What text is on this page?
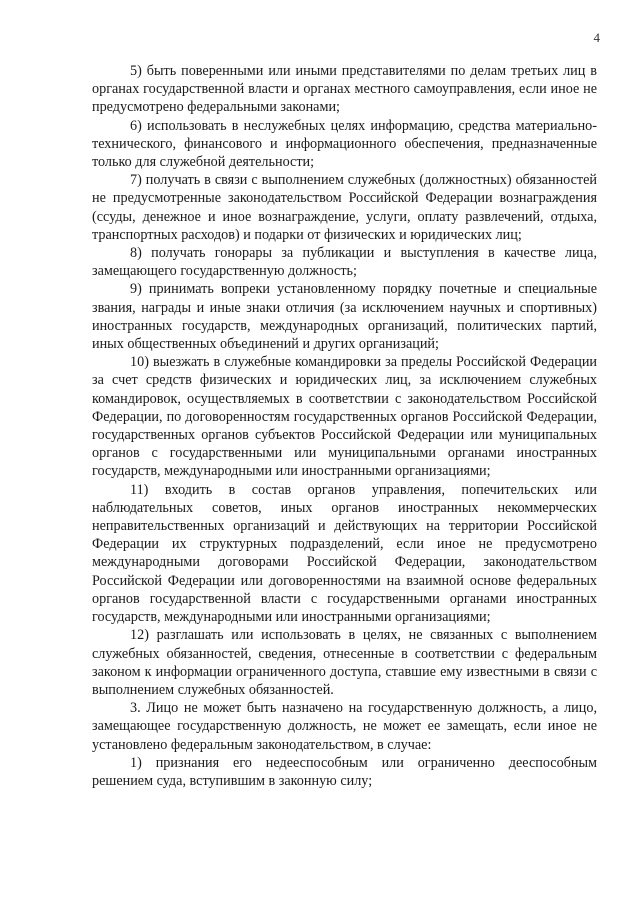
4

5) быть поверенными или иными представителями по делам третьих лиц в органах государственной власти и органах местного самоуправления, если иное не предусмотрено федеральными законами;

6) использовать в неслужебных целях информацию, средства материально-технического, финансового и информационного обеспечения, предназначенные только для служебной деятельности;

7) получать в связи с выполнением служебных (должностных) обязанностей не предусмотренные законодательством Российской Федерации вознаграждения (ссуды, денежное и иное вознаграждение, услуги, оплату развлечений, отдыха, транспортных расходов) и подарки от физических и юридических лиц;

8) получать гонорары за публикации и выступления в качестве лица, замещающего государственную должность;

9) принимать вопреки установленному порядку почетные и специальные звания, награды и иные знаки отличия (за исключением научных и спортивных) иностранных государств, международных организаций, политических партий, иных общественных объединений и других организаций;

10) выезжать в служебные командировки за пределы Российской Федерации за счет средств физических и юридических лиц, за исключением служебных командировок, осуществляемых в соответствии с законодательством Российской Федерации, по договоренностям государственных органов Российской Федерации, государственных органов субъектов Российской Федерации или муниципальных органов с государственными или муниципальными органами иностранных государств, международными или иностранными организациями;

11) входить в состав органов управления, попечительских или наблюдательных советов, иных органов иностранных некоммерческих неправительственных организаций и действующих на территории Российской Федерации их структурных подразделений, если иное не предусмотрено международными договорами Российской Федерации, законодательством Российской Федерации или договоренностями на взаимной основе федеральных органов государственной власти с государственными органами иностранных государств, международными или иностранными организациями;

12) разглашать или использовать в целях, не связанных с выполнением служебных обязанностей, сведения, отнесенные в соответствии с федеральным законом к информации ограниченного доступа, ставшие ему известными в связи с выполнением служебных обязанностей.

3. Лицо не может быть назначено на государственную должность, а лицо, замещающее государственную должность, не может ее замещать, если иное не установлено федеральным законодательством, в случае:

1) признания его недееспособным или ограниченно дееспособным решением суда, вступившим в законную силу;
